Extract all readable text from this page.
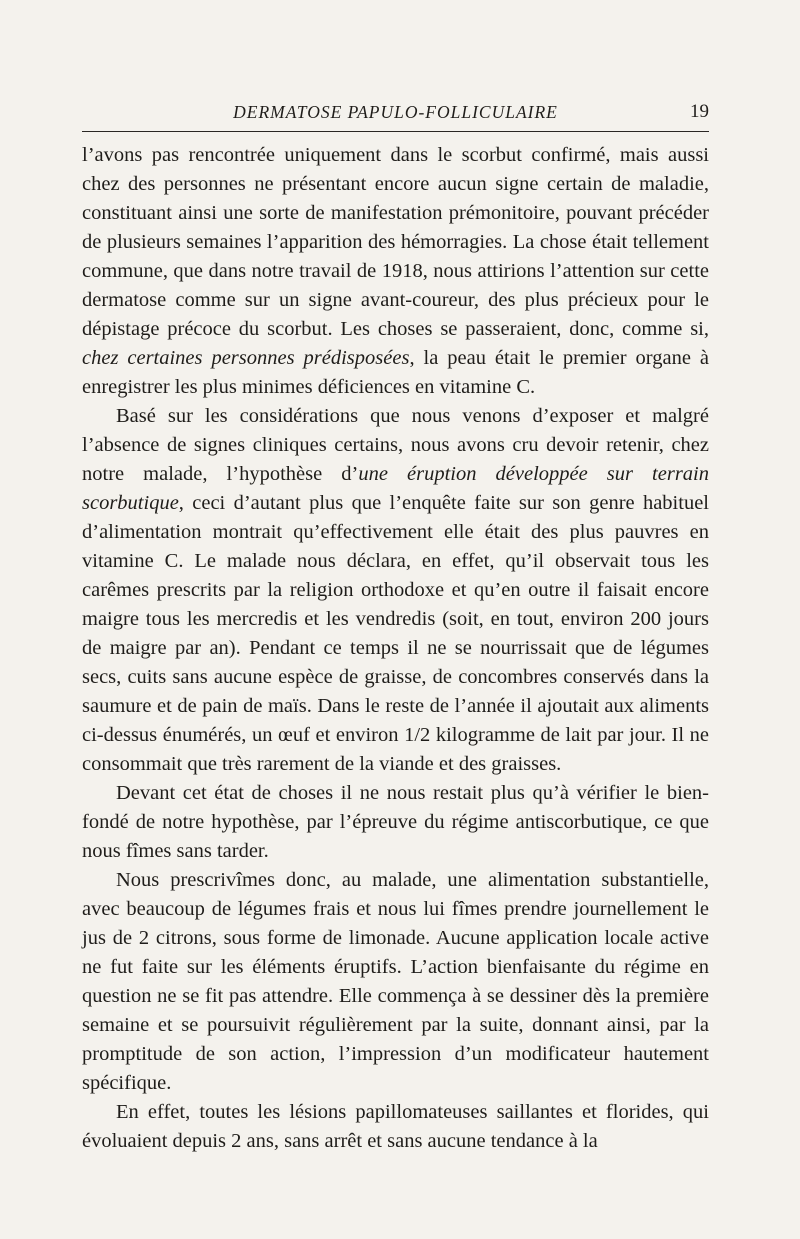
DERMATOSE PAPULO-FOLLICULAIRE	19

l’avons pas rencontrée uniquement dans le scorbut confirmé, mais aussi chez des personnes ne présentant encore aucun signe certain de maladie, constituant ainsi une sorte de manifestation prémonitoire, pouvant précéder de plusieurs semaines l’apparition des hémorragies. La chose était tellement commune, que dans notre travail de 1918, nous attirions l’attention sur cette dermatose comme sur un signe avant-coureur, des plus précieux pour le dépistage précoce du scorbut. Les choses se passeraient, donc, comme si, chez certaines personnes prédisposées, la peau était le premier organe à enregistrer les plus minimes déficiences en vitamine C.

Basé sur les considérations que nous venons d’exposer et malgré l’absence de signes cliniques certains, nous avons cru devoir retenir, chez notre malade, l’hypothèse d’une éruption développée sur terrain scorbutique, ceci d’autant plus que l’enquête faite sur son genre habituel d’alimentation montrait qu’effectivement elle était des plus pauvres en vitamine C. Le malade nous déclara, en effet, qu’il observait tous les carêmes prescrits par la religion orthodoxe et qu’en outre il faisait encore maigre tous les mercredis et les vendredis (soit, en tout, environ 200 jours de maigre par an). Pendant ce temps il ne se nourrissait que de légumes secs, cuits sans aucune espèce de graisse, de concombres conservés dans la saumure et de pain de maïs. Dans le reste de l’année il ajoutait aux aliments ci-dessus énumérés, un œuf et environ 1/2 kilogramme de lait par jour. Il ne consommait que très rarement de la viande et des graisses.

Devant cet état de choses il ne nous restait plus qu’à vérifier le bien-fondé de notre hypothèse, par l’épreuve du régime antiscorbutique, ce que nous fîmes sans tarder.

Nous prescrivîmes donc, au malade, une alimentation substantielle, avec beaucoup de légumes frais et nous lui fîmes prendre journellement le jus de 2 citrons, sous forme de limonade. Aucune application locale active ne fut faite sur les éléments éruptifs. L’action bienfaisante du régime en question ne se fit pas attendre. Elle commença à se dessiner dès la première semaine et se poursuivit régulièrement par la suite, donnant ainsi, par la promptitude de son action, l’impression d’un modificateur hautement spécifique.

En effet, toutes les lésions papillomateuses saillantes et florides, qui évoluaient depuis 2 ans, sans arrêt et sans aucune tendance à la
